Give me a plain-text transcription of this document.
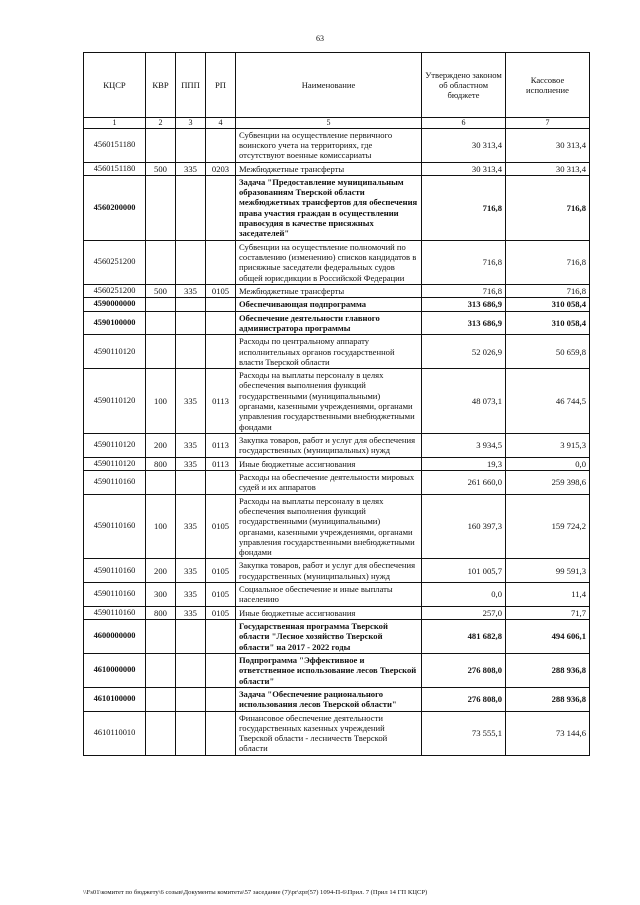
63
КЦСР	КВР	ППП	РП	Наименование	Утверждено законом об областном бюджете	Кассовое исполнение
1	2	3	4	5	6	7
4560151180				Субвенции на осуществление первичного воинского учета на территориях, где отсутствуют военные комиссариаты	30 313,4	30 313,4
4560151180	500	335	0203	Межбюджетные трансферты	30 313,4	30 313,4
4560200000				Задача "Предоставление муниципальным образованиям Тверской области межбюджетных трансфертов для обеспечения права участия граждан в осуществлении правосудия в качестве присяжных заседателей"	716,8	716,8
4560251200				Субвенции на осуществление полномочий по составлению (изменению) списков кандидатов в присяжные заседатели федеральных судов общей юрисдикции в Российской Федерации	716,8	716,8
4560251200	500	335	0105	Межбюджетные трансферты	716,8	716,8
4590000000				Обеспечивающая подпрограмма	313 686,9	310 058,4
4590100000				Обеспечение деятельности главного администратора программы	313 686,9	310 058,4
4590110120				Расходы по центральному аппарату исполнительных органов государственной власти Тверской области	52 026,9	50 659,8
4590110120	100	335	0113	Расходы на выплаты персоналу в целях обеспечения выполнения функций государственными (муниципальными) органами, казенными учреждениями, органами управления государственными внебюджетными фондами	48 073,1	46 744,5
4590110120	200	335	0113	Закупка товаров, работ и услуг для обеспечения государственных (муниципальных) нужд	3 934,5	3 915,3
4590110120	800	335	0113	Иные бюджетные ассигнования	19,3	0,0
4590110160				Расходы на обеспечение деятельности мировых судей и их аппаратов	261 660,0	259 398,6
4590110160	100	335	0105	Расходы на выплаты персоналу в целях обеспечения выполнения функций государственными (муниципальными) органами, казенными учреждениями, органами управления государственными внебюджетными фондами	160 397,3	159 724,2
4590110160	200	335	0105	Закупка товаров, работ и услуг для обеспечения государственных (муниципальных) нужд	101 005,7	99 591,3
4590110160	300	335	0105	Социальное обеспечение и иные выплаты населению	0,0	11,4
4590110160	800	335	0105	Иные бюджетные ассигнования	257,0	71,7
4600000000				Государственная программа Тверской области "Лесное хозяйство Тверской области" на 2017 - 2022 годы	481 682,8	494 606,1
4610000000				Подпрограмма "Эффективное и ответственное использование лесов Тверской области"	276 808,0	288 936,8
4610100000				Задача "Обеспечение рационального использования лесов Тверской области"	276 808,0	288 936,8
4610110010				Финансовое обеспечение деятельности государственных казенных учреждений Тверской области - лесничеств Тверской области	73 555,1	73 144,6
\\Fs01\комитет по бюджету\6 созыв\Документы комитета\57 заседание (7)\pr\zpr(57) 1094-П-6\Прил. 7 (Прил 14 ГП КЦСР)
